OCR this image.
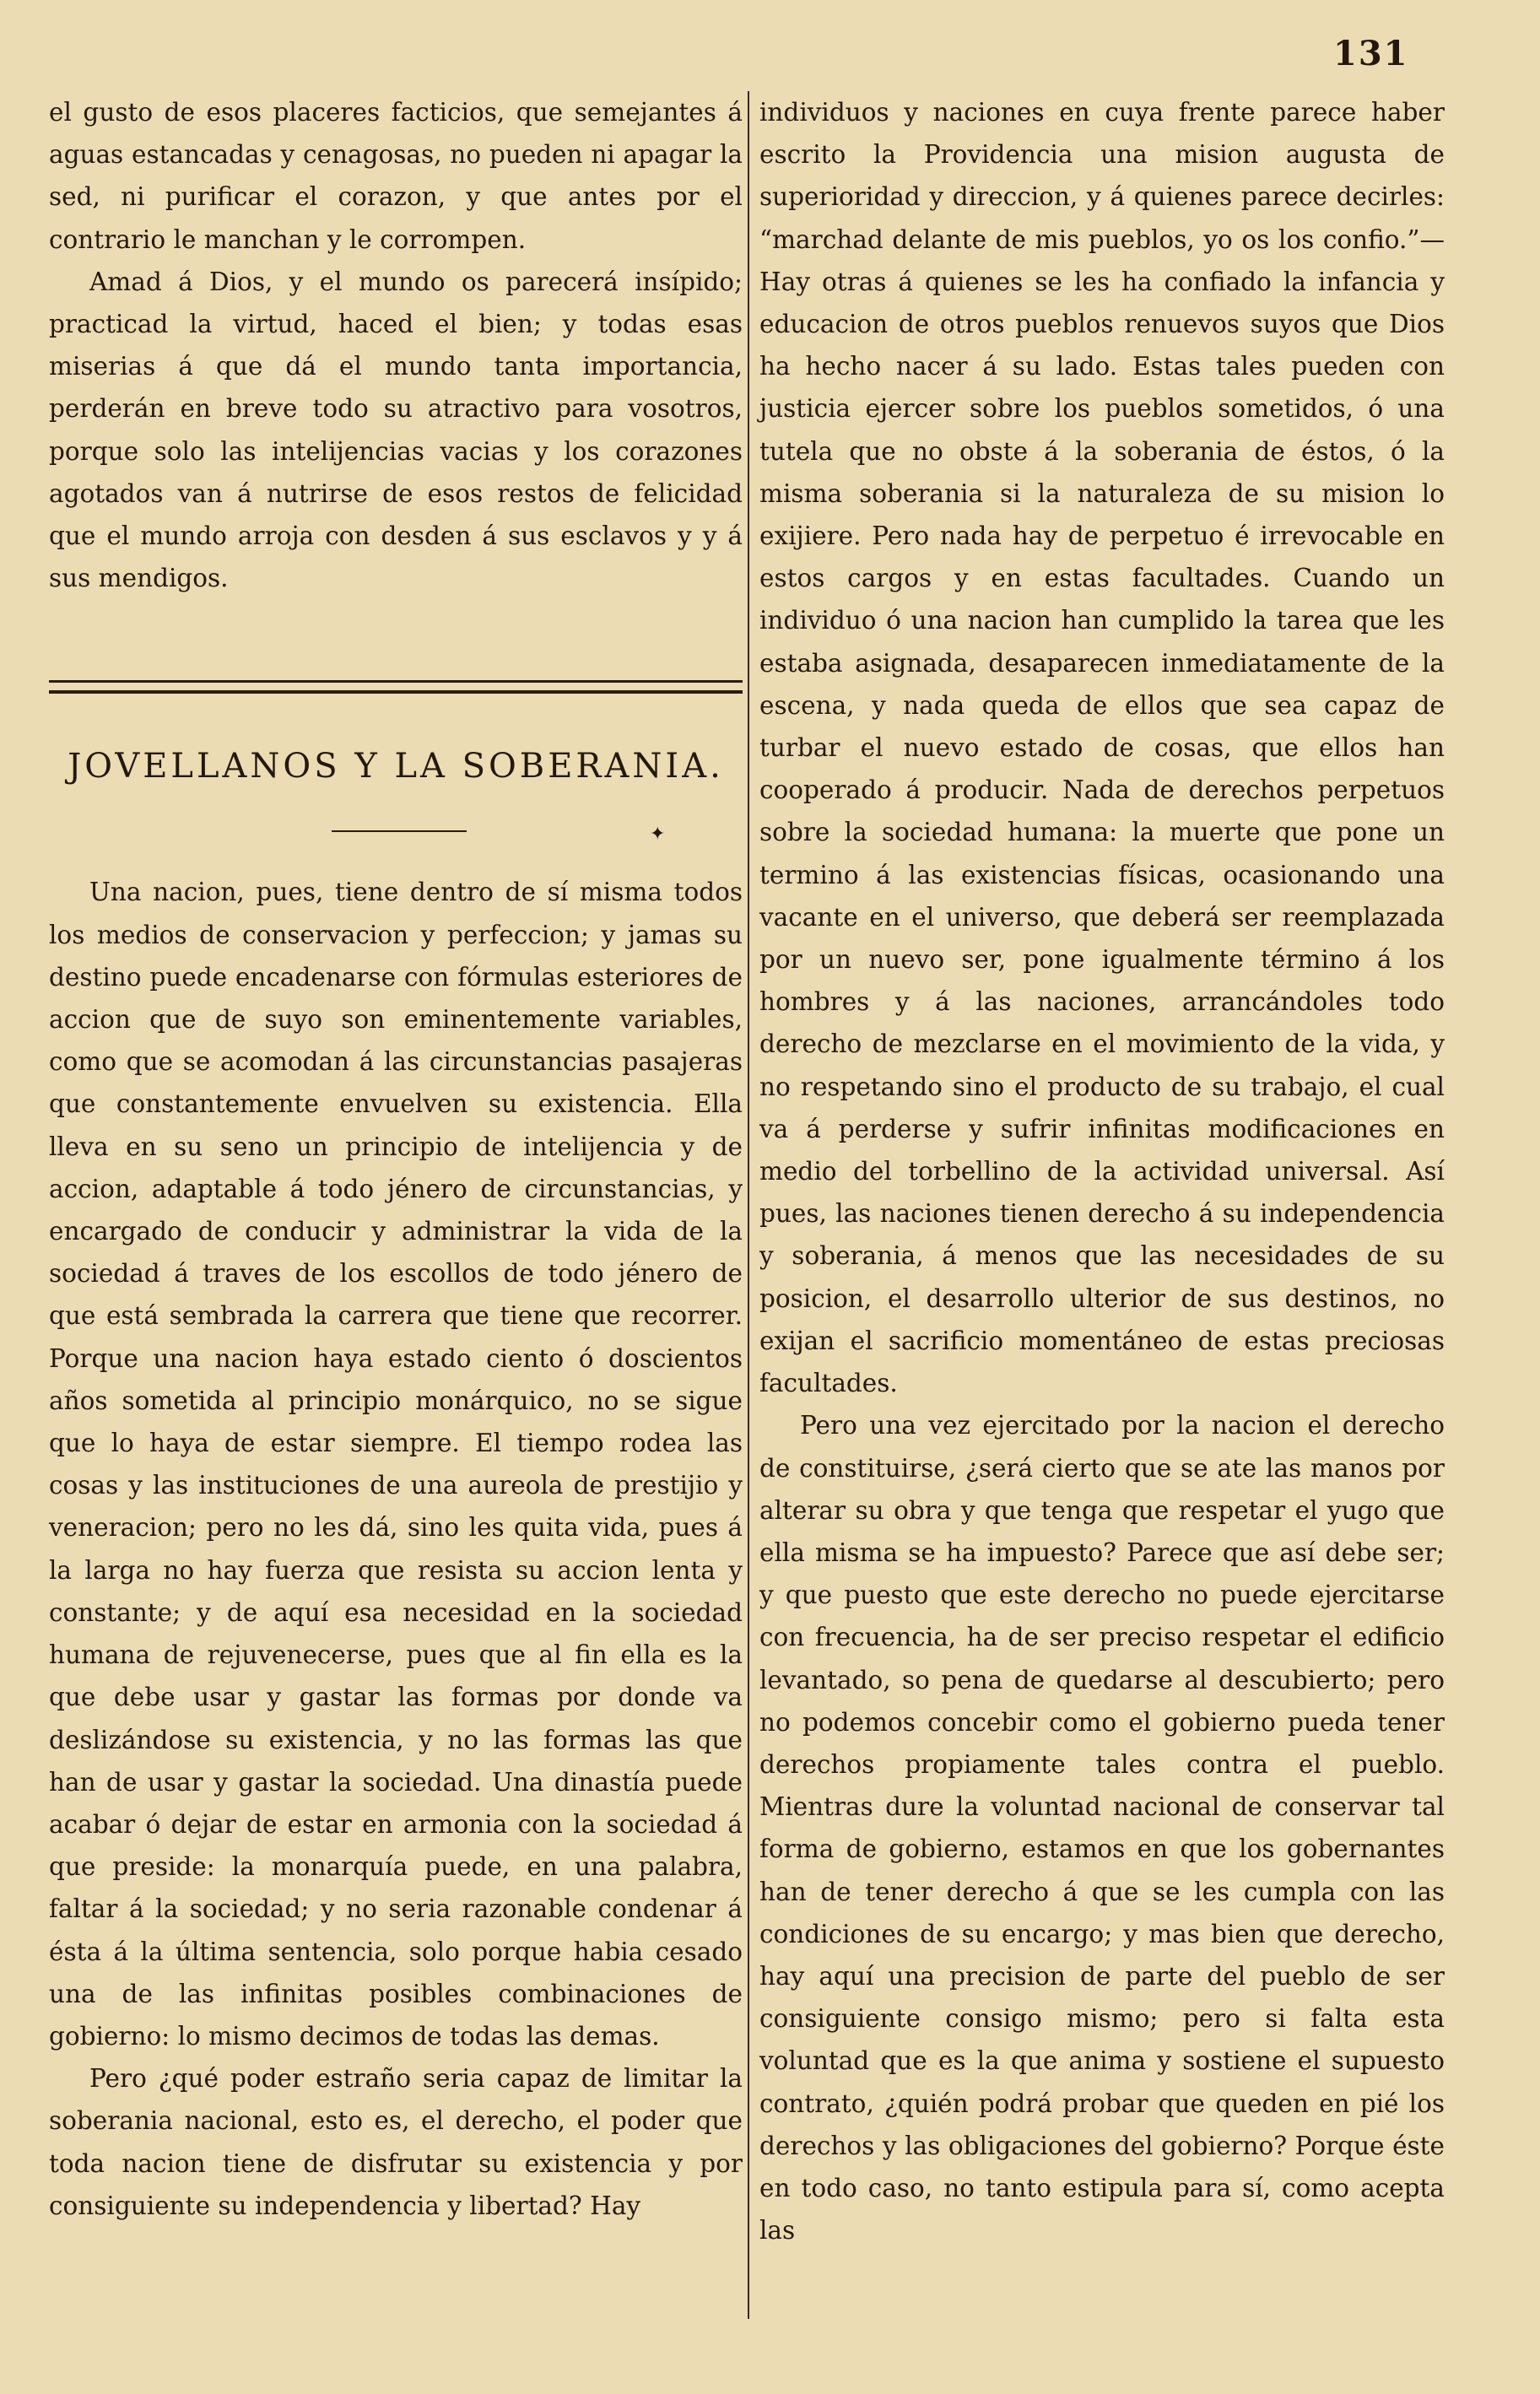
131

el gusto de esos placeres facticios, que semejantes á aguas estancadas y cenagosas, no pueden ni apagar la sed, ni purificar el corazon, y que antes por el contrario le manchan y le corrompen.

Amad á Dios, y el mundo os parecerá insípido; practicad la virtud, haced el bien; y todas esas miserias á que dá el mundo tanta importancia, perderán en breve todo su atractivo para vosotros, porque solo las intelijencias vacias y los corazones agotados van á nutrirse de esos restos de felicidad que el mundo arroja con desden á sus esclavos y y á sus mendigos.

JOVELLANOS Y LA SOBERANIA.
✦

Una nacion, pues, tiene dentro de sí misma todos los medios de conservacion y perfeccion; y jamas su destino puede encadenarse con fórmulas esteriores de accion que de suyo son eminentemente variables, como que se acomodan á las circunstancias pasajeras que constantemente envuelven su existencia. Ella lleva en su seno un principio de intelijencia y de accion, adaptable á todo jénero de circunstancias, y encargado de conducir y administrar la vida de la sociedad á traves de los escollos de todo jénero de que está sembrada la carrera que tiene que recorrer. Porque una nacion haya estado ciento ó doscientos años sometida al principio monárquico, no se sigue que lo haya de estar siempre. El tiempo rodea las cosas y las instituciones de una aureola de prestijio y veneracion; pero no les dá, sino les quita vida, pues á la larga no hay fuerza que resista su accion lenta y constante; y de aquí esa necesidad en la sociedad humana de rejuvenecerse, pues que al fin ella es la que debe usar y gastar las formas por donde va deslizándose su existencia, y no las formas las que han de usar y gastar la sociedad. Una dinastía puede acabar ó dejar de estar en armonia con la sociedad á que preside: la monarquía puede, en una palabra, faltar á la sociedad; y no seria razonable condenar á ésta á la última sentencia, solo porque habia cesado una de las infinitas posibles combinaciones de gobierno: lo mismo decimos de todas las demas.

Pero ¿qué poder estraño seria capaz de limitar la soberania nacional, esto es, el derecho, el poder que toda nacion tiene de disfrutar su existencia y por consiguiente su independencia y libertad? Hay

individuos y naciones en cuya frente parece haber escrito la Providencia una mision augusta de superioridad y direccion, y á quienes parece decirles: “marchad delante de mis pueblos, yo os los confio.”—Hay otras á quienes se les ha confiado la infancia y educacion de otros pueblos renuevos suyos que Dios ha hecho nacer á su lado. Estas tales pueden con justicia ejercer sobre los pueblos sometidos, ó una tutela que no obste á la soberania de éstos, ó la misma soberania si la naturaleza de su mision lo exijiere. Pero nada hay de perpetuo é irrevocable en estos cargos y en estas facultades. Cuando un individuo ó una nacion han cumplido la tarea que les estaba asignada, desaparecen inmediatamente de la escena, y nada queda de ellos que sea capaz de turbar el nuevo estado de cosas, que ellos han cooperado á producir. Nada de derechos perpetuos sobre la sociedad humana: la muerte que pone un termino á las existencias físicas, ocasionando una vacante en el universo, que deberá ser reemplazada por un nuevo ser, pone igualmente término á los hombres y á las naciones, arrancándoles todo derecho de mezclarse en el movimiento de la vida, y no respetando sino el producto de su trabajo, el cual va á perderse y sufrir infinitas modificaciones en medio del torbellino de la actividad universal. Así pues, las naciones tienen derecho á su independencia y soberania, á menos que las necesidades de su posicion, el desarrollo ulterior de sus destinos, no exijan el sacrificio momentáneo de estas preciosas facultades.

Pero una vez ejercitado por la nacion el derecho de constituirse, ¿será cierto que se ate las manos por alterar su obra y que tenga que respetar el yugo que ella misma se ha impuesto? Parece que así debe ser; y que puesto que este derecho no puede ejercitarse con frecuencia, ha de ser preciso respetar el edificio levantado, so pena de quedarse al descubierto; pero no podemos concebir como el gobierno pueda tener derechos propiamente tales contra el pueblo. Mientras dure la voluntad nacional de conservar tal forma de gobierno, estamos en que los gobernantes han de tener derecho á que se les cumpla con las condiciones de su encargo; y mas bien que derecho, hay aquí una precision de parte del pueblo de ser consiguiente consigo mismo; pero si falta esta voluntad que es la que anima y sostiene el supuesto contrato, ¿quién podrá probar que queden en pié los derechos y las obligaciones del gobierno? Porque éste en todo caso, no tanto estipula para sí, como acepta las
